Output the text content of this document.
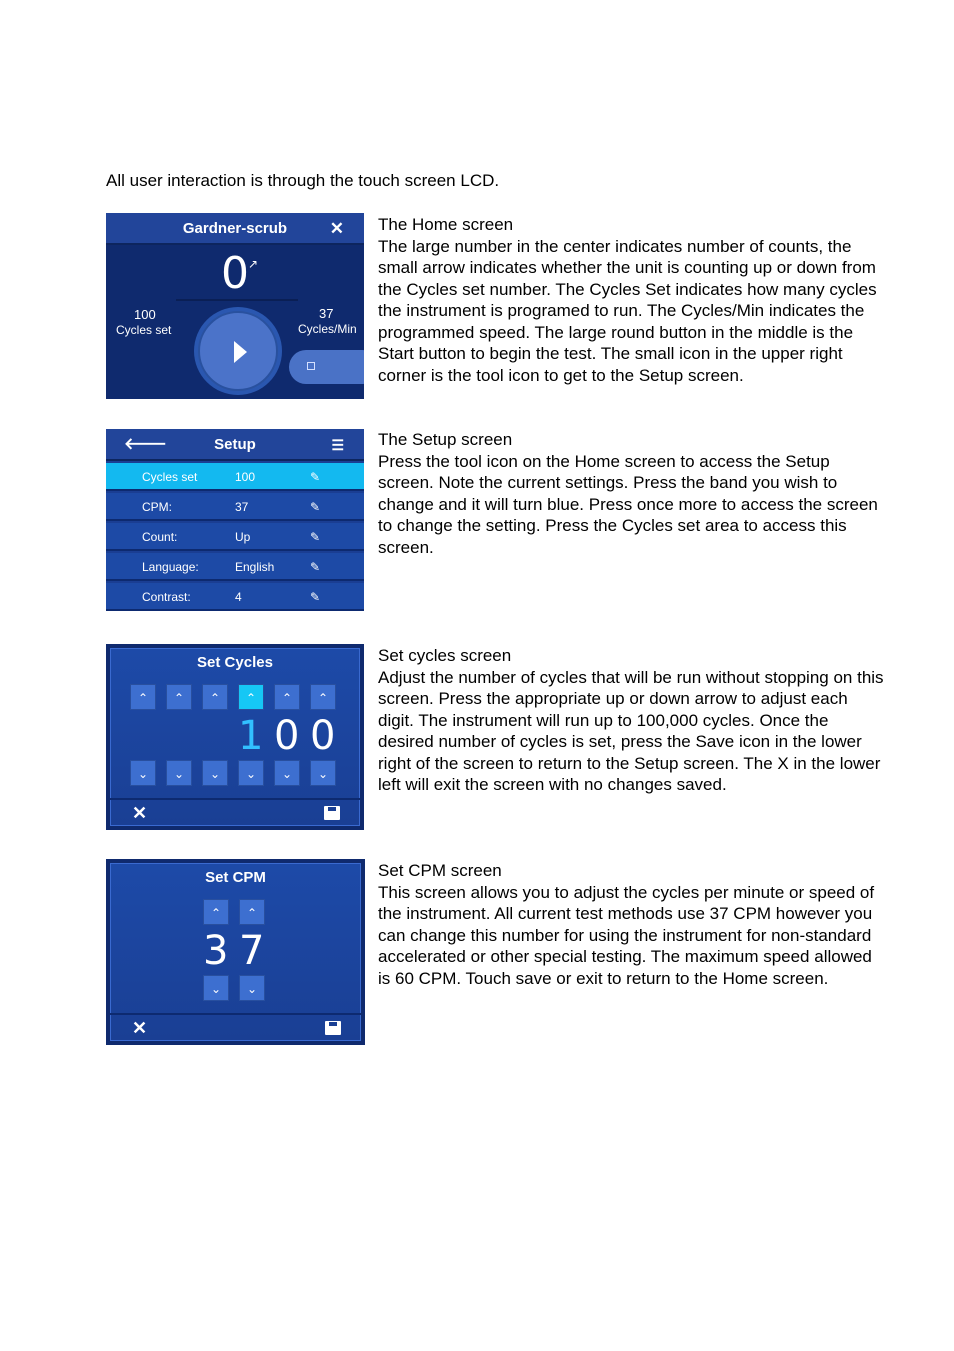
All user interaction is through the touch screen LCD.
Gardner-scrub	✕
0 ↗
100
Cycles set
37
Cycles/Min
The Home screen
The large number in the center indicates number of counts, the small arrow indicates whether the unit is counting up or down from the Cycles set number. The Cycles Set indicates how many cycles the instrument is programed to run. The Cycles/Min indicates the programmed speed. The large round button in the middle is the Start button to begin the test. The small icon in the upper right corner is the tool icon to get to the Setup screen.
🡐	Setup	☰
Cycles set	100	✎
CPM:	37	✎
Count:	Up	✎
Language:	English	✎
Contrast:	4	✎
The Setup screen
Press the tool icon on the Home screen to access the Setup screen. Note the current settings. Press the band you wish to change and it will turn blue. Press once more to access the screen to change the setting. Press the Cycles set area to access this screen.
Set Cycles
⌃	⌃	⌃	⌃	⌃	⌃
1 0 0
⌄	⌄	⌄	⌄	⌄	⌄
✕
Set cycles screen
Adjust the number of cycles that will be run without stopping on this screen. Press the appropriate up or down arrow to adjust each digit. The instrument will run up to 100,000 cycles. Once the desired number of cycles is set, press the Save icon in the lower right of the screen to return to the Setup screen. The X in the lower left will exit the screen with no changes saved.
Set CPM
⌃	⌃
3 7
⌄	⌄
✕
Set CPM screen
This screen allows you to adjust the cycles per minute or speed of the instrument. All current test methods use 37 CPM however you can change this number for using the instrument for non-standard accelerated or other special testing. The maximum speed allowed is 60 CPM. Touch save or exit to return to the Home screen.
